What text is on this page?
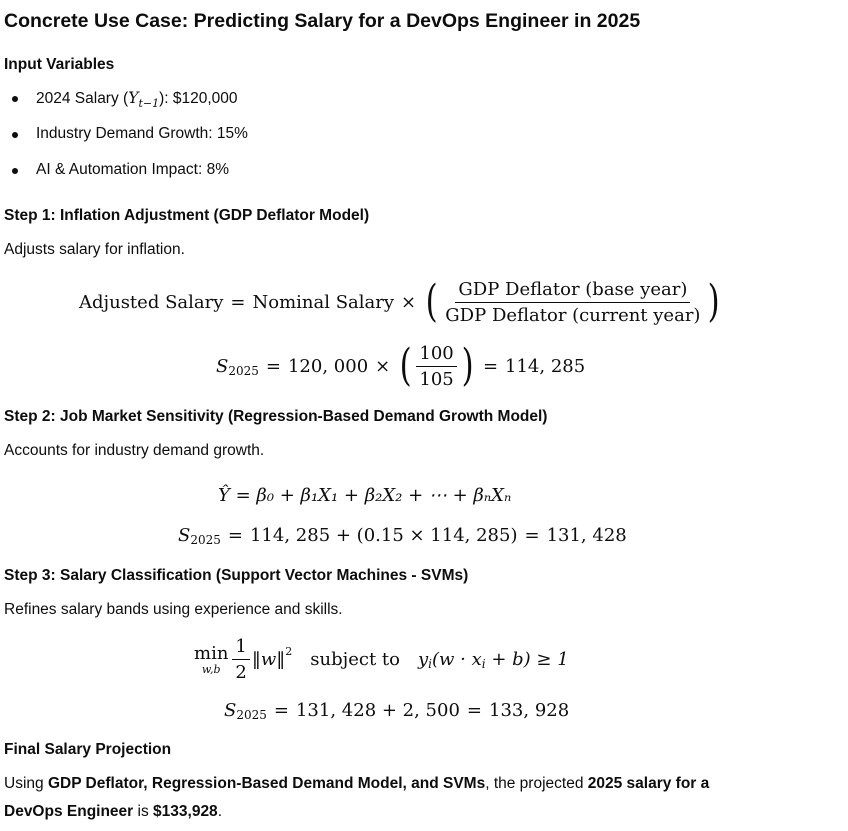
Concrete Use Case: Predicting Salary for a DevOps Engineer in 2025
Input Variables
2024 Salary $(Y_{t-1})$: $120,000
Industry Demand Growth: 15%
AI & Automation Impact: 8%
Step 1: Inflation Adjustment (GDP Deflator Model)
Adjusts salary for inflation.
Adjusted Salary = Nominal Salary × ( $\frac{\text{GDP Deflator (base year)}}{\text{GDP Deflator (current year)}}$ )
S 2025 = 120, 000 × ( $\frac{100}{105}$ ) = 114, 285
Step 2: Job Market Sensitivity (Regression-Based Demand Growth Model)
Accounts for industry demand growth.
Ŷ = β₀ + β₁X₁ + β₂X₂ + ⋯ + βₙXₙ
S 2025 = 114, 285 + (0.15 × 114, 285) = 131, 428
Step 3: Salary Classification (Support Vector Machines - SVMs)
Refines salary bands using experience and skills.
min
$w,b \frac{1}{2}$ ‖w‖ 2 subject to y i (w · x i + b) ≥ 1
S 2025 = 131, 428 + 2, 500 = 133, 928
Final Salary Projection
Using GDP Deflator, Regression-Based Demand Model, and SVMs, the projected 2025 salary for a
DevOps Engineer is $133,928.
